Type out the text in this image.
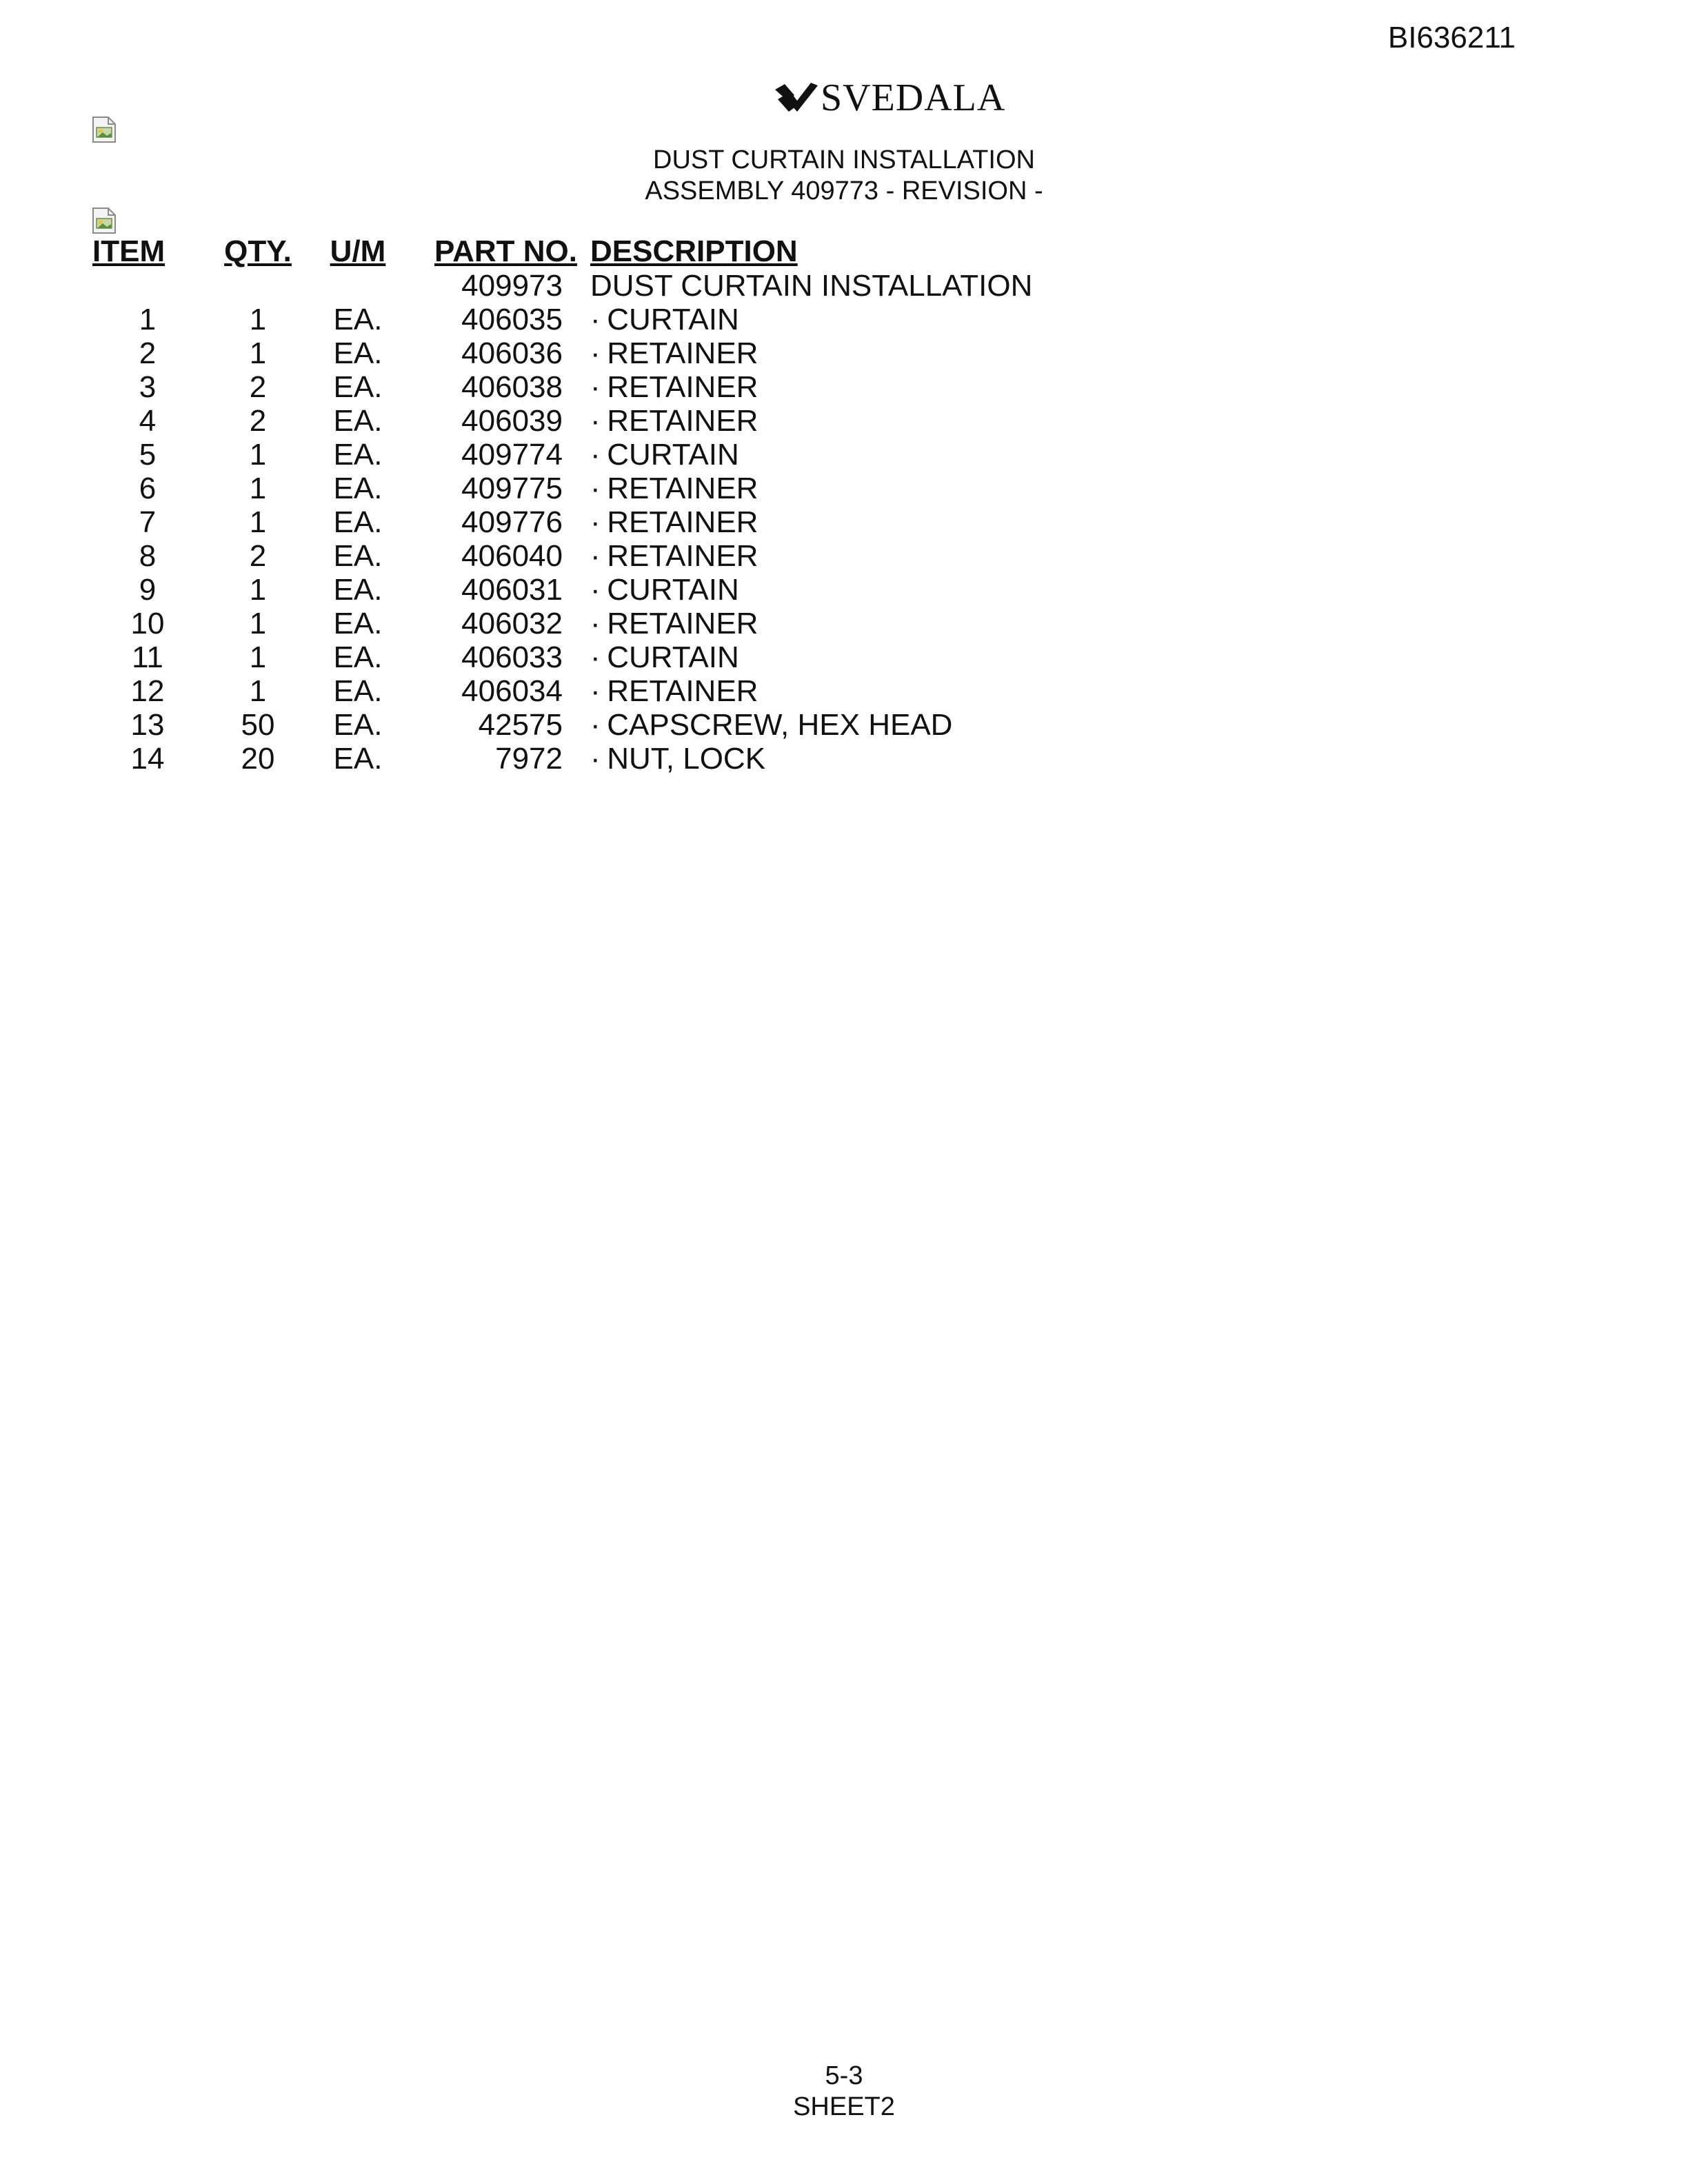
BI636211
SVEDALA
DUST CURTAIN INSTALLATION
ASSEMBLY 409773 - REVISION -
ITEM	QTY.	U/M	PART NO.	DESCRIPTION
			409973	DUST CURTAIN INSTALLATION
1	1	EA.	406035	· CURTAIN
2	1	EA.	406036	· RETAINER
3	2	EA.	406038	· RETAINER
4	2	EA.	406039	· RETAINER
5	1	EA.	409774	· CURTAIN
6	1	EA.	409775	· RETAINER
7	1	EA.	409776	· RETAINER
8	2	EA.	406040	· RETAINER
9	1	EA.	406031	· CURTAIN
10	1	EA.	406032	· RETAINER
11	1	EA.	406033	· CURTAIN
12	1	EA.	406034	· RETAINER
13	50	EA.	42575	· CAPSCREW, HEX HEAD
14	20	EA.	7972	· NUT, LOCK
5-3
SHEET2
